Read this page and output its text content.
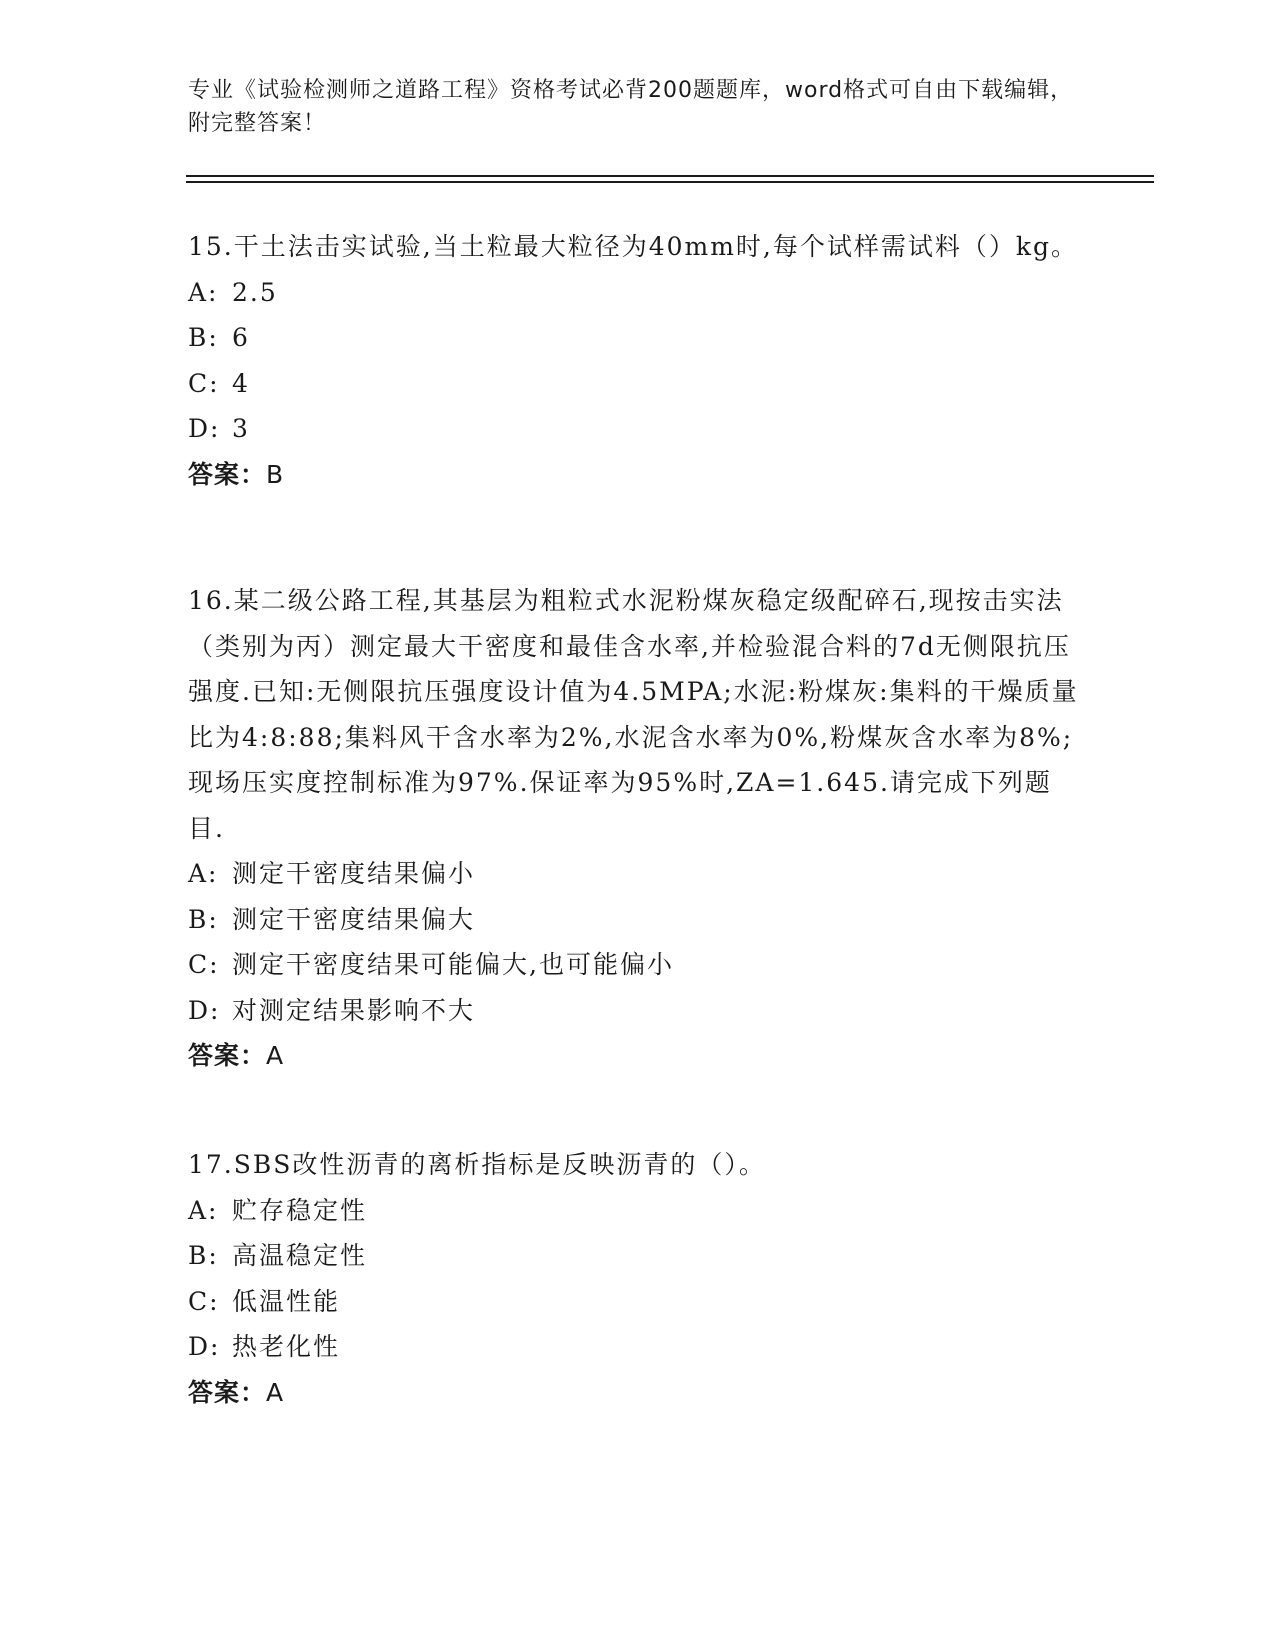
专业《试验检测师之道路工程》资格考试必背200题题库，word格式可自由下载编辑，附完整答案！
15.干土法击实试验,当土粒最大粒径为40mm时,每个试样需试料（）kg。
A: 2.5
B: 6
C: 4
D: 3
答案：B
16.某二级公路工程,其基层为粗粒式水泥粉煤灰稳定级配碎石,现按击实法（类别为丙）测定最大干密度和最佳含水率,并检验混合料的7d无侧限抗压强度.已知:无侧限抗压强度设计值为4.5MPA;水泥:粉煤灰:集料的干燥质量比为4:8:88;集料风干含水率为2%,水泥含水率为0%,粉煤灰含水率为8%;现场压实度控制标准为97%.保证率为95%时,ZA=1.645.请完成下列题目.
A: 测定干密度结果偏小
B: 测定干密度结果偏大
C: 测定干密度结果可能偏大,也可能偏小
D: 对测定结果影响不大
答案：A
17.SBS改性沥青的离析指标是反映沥青的（）。
A: 贮存稳定性
B: 高温稳定性
C: 低温性能
D: 热老化性
答案：A
